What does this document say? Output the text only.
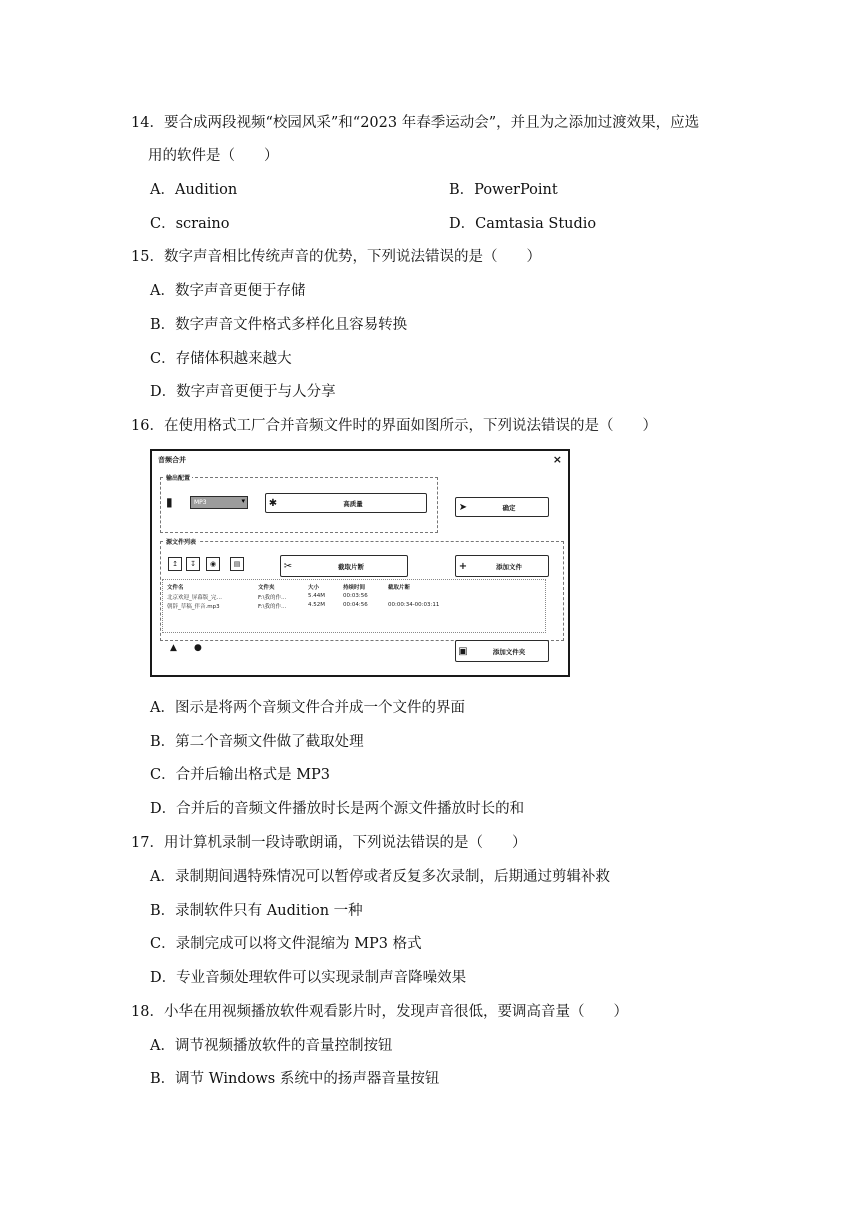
14．要合成两段视频“校园风采”和“2023 年春季运动会”，并且为之添加过渡效果，应选
用的软件是（　　）
A．Audition	B．PowerPoint
C．scraino	D．Camtasia Studio
15．数字声音相比传统声音的优势，下列说法错误的是（　　）
A．数字声音更便于存储
B．数字声音文件格式多样化且容易转换
C．存储体积越来越大
D．数字声音更便于与人分享
16．在使用格式工厂合并音频文件时的界面如图所示，下列说法错误的是（　　）
音频合并	×
输出配置
▮	MP3	▾ ✱	高质量	➤	确定
源文件列表
↥	↧	◉	▤	✂	截取片断	+	添加文件
文件名	文件夹	大小	持续时间	截取片断
北京欢迎_屏幕版_完…	F:\我的作…	5.44M	00:03:56
朝辞_草稿_伴音.mp3	F:\我的作…	4.52M	00:04:56	00:00:34-00:03:11
▲ ●	▣	添加文件夹
A．图示是将两个音频文件合并成一个文件的界面
B．第二个音频文件做了截取处理
C．合并后输出格式是 MP3
D．合并后的音频文件播放时长是两个源文件播放时长的和
17．用计算机录制一段诗歌朗诵，下列说法错误的是（　　）
A．录制期间遇特殊情况可以暂停或者反复多次录制，后期通过剪辑补救
B．录制软件只有 Audition 一种
C．录制完成可以将文件混缩为 MP3 格式
D．专业音频处理软件可以实现录制声音降噪效果
18．小华在用视频播放软件观看影片时，发现声音很低，要调高音量（　　）
A．调节视频播放软件的音量控制按钮
B．调节 Windows 系统中的扬声器音量按钮
